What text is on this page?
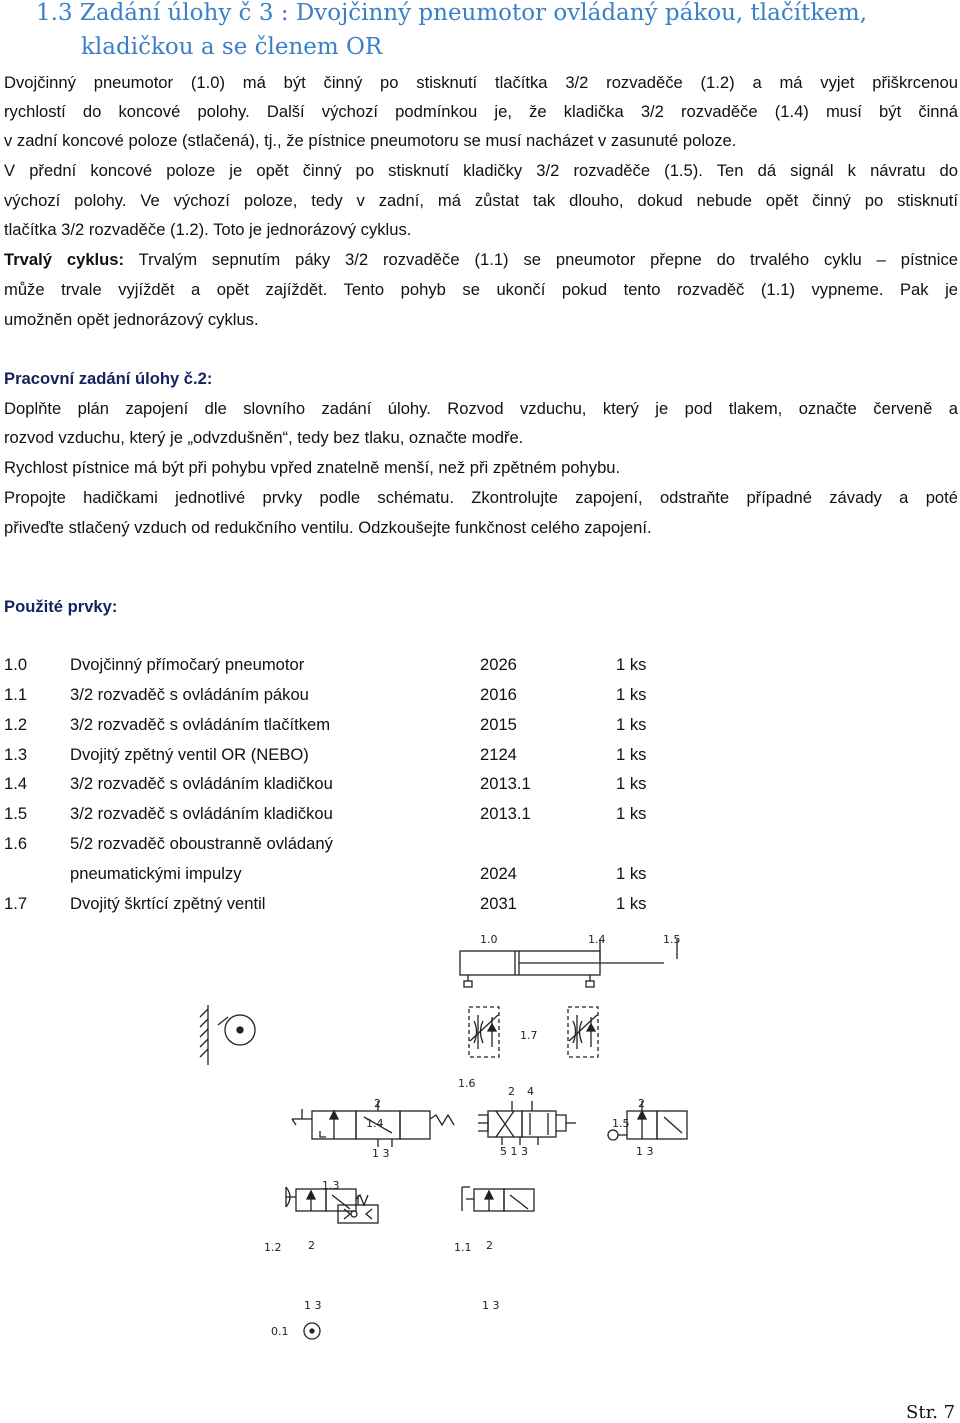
1.3 Zadání úlohy č 3 : Dvojčinný pneumotor ovládaný pákou, tlačítkem,
kladičkou a se členem OR
Dvojčinný pneumotor (1.0) má být činný po stisknutí tlačítka 3/2 rozvaděče (1.2) a má vyjet přiškrcenou
rychlostí do koncové polohy. Další výchozí podmínkou je, že kladička 3/2 rozvaděče (1.4) musí být činná
v zadní koncové poloze (stlačená), tj., že pístnice pneumotoru se musí nacházet v zasunuté poloze.
V přední koncové poloze je opět činný po stisknutí kladičky 3/2 rozvaděče (1.5). Ten dá signál k návratu do
výchozí polohy. Ve výchozí poloze, tedy v zadní, má zůstat tak dlouho, dokud nebude opět činný po stisknutí
tlačítka 3/2 rozvaděče (1.2). Toto je jednorázový cyklus.
Trvalý cyklus: Trvalým sepnutím páky 3/2 rozvaděče (1.1) se pneumotor přepne do trvalého cyklu – pístnice
může trvale vyjíždět a opět zajíždět. Tento pohyb se ukončí pokud tento rozvaděč (1.1) vypneme. Pak je
umožněn opět jednorázový cyklus.
Pracovní zadání úlohy č.2:
Doplňte plán zapojení dle slovního zadání úlohy. Rozvod vzduchu, který je pod tlakem, označte červeně a
rozvod vzduchu, který je „odvzdušněn“, tedy bez tlaku, označte modře.
Rychlost pístnice má být při pohybu vpřed znatelně menší, než při zpětném pohybu.
Propojte hadičkami jednotlivé prvky podle schématu. Zkontrolujte zapojení, odstraňte případné závady a poté
přiveďte stlačený vzduch od redukčního ventilu. Odzkoušejte funkčnost celého zapojení.
Použité prvky:
1.0	Dvojčinný přímočarý pneumotor	2026	1 ks
1.1	3/2 rozvaděč s ovládáním pákou	2016	1 ks
1.2	3/2 rozvaděč s ovládáním tlačítkem	2015	1 ks
1.3	Dvojitý zpětný ventil OR (NEBO)	2124	1 ks
1.4	3/2 rozvaděč s ovládáním kladičkou	2013.1	1 ks
1.5	3/2 rozvaděč s ovládáním kladičkou	2013.1	1 ks
1.6	5/2 rozvaděč oboustranně ovládaný
pneumatickými impulzy	2024	1 ks
1.7	Dvojitý škrtící zpětný ventil	2031	1 ks
1.0	1.4	1.5
1.7
1.6
2 4
5 1 3
1.4
2
1 3
1.5
2
1 3
1.3
1.2 2
1 3
1.1 2
1 3
0.1
Str. 7
